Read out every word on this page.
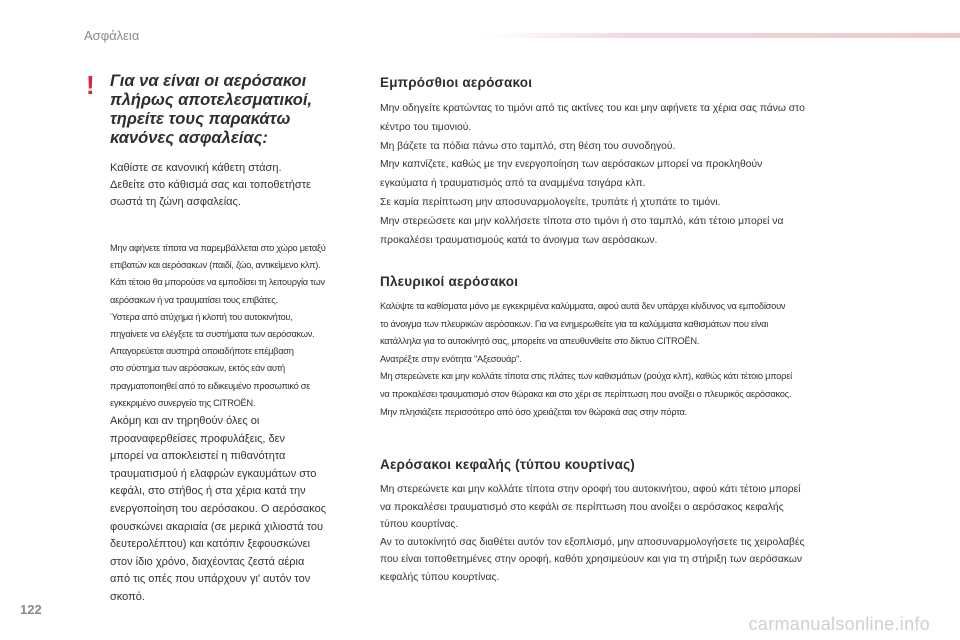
Ασφάλεια
! Για να είναι οι αερόσακοι
πλήρως αποτελεσματικοί,
τηρείτε τους παρακάτω
κανόνες ασφαλείας:
Καθίστε σε κανονική κάθετη στάση.
Δεθείτε στο κάθισμά σας και τοποθετήστε
σωστά τη ζώνη ασφαλείας.
Μην αφήνετε τίποτα να παρεμβάλλεται στο χώρο μεταξύ
επιβατών και αερόσακων (παιδί, ζώο, αντικείμενο κλπ).
Κάτι τέτοιο θα μπορούσε να εμποδίσει τη λειτουργία των
αερόσακων ή να τραυματίσει τους επιβάτες.
Ύστερα από ατύχημα ή κλοπή του αυτοκινήτου,
πηγαίνετε να ελέγξετε τα συστήματα των αερόσακων.
Απαγορεύεται αυστηρά οποιαδήποτε επέμβαση
στο σύστημα των αερόσακων, εκτός εάν αυτή
πραγματοποιηθεί από το ειδικευμένο προσωπικό σε
εγκεκριμένο συνεργείο της CITROËN.
Ακόμη και αν τηρηθούν όλες οι
προαναφερθείσες προφυλάξεις, δεν
μπορεί να αποκλειστεί η πιθανότητα
τραυματισμού ή ελαφρών εγκαυμάτων στο
κεφάλι, στο στήθος ή στα χέρια κατά την
ενεργοποίηση του αερόσακου. Ο αερόσακος
φουσκώνει ακαριαία (σε μερικά χιλιοστά του
δευτερολέπτου) και κατόπιν ξεφουσκώνει
στον ίδιο χρόνο, διαχέοντας ζεστά αέρια
από τις οπές που υπάρχουν γι' αυτόν τον
σκοπό.
Εμπρόσθιοι αερόσακοι
Μην οδηγείτε κρατώντας το τιμόνι από τις ακτίνες του και μην αφήνετε τα χέρια σας πάνω στο
κέντρο του τιμονιού.
Μη βάζετε τα πόδια πάνω στο ταμπλό, στη θέση του συνοδηγού.
Μην καπνίζετε, καθώς με την ενεργοποίηση των αερόσακων μπορεί να προκληθούν
εγκαύματα ή τραυματισμός από τα αναμμένα τσιγάρα κλπ.
Σε καμία περίπτωση μην αποσυναρμολογείτε, τρυπάτε ή χτυπάτε το τιμόνι.
Μην στερεώσετε και μην κολλήσετε τίποτα στο τιμόνι ή στο ταμπλό, κάτι τέτοιο μπορεί να
προκαλέσει τραυματισμούς κατά το άνοιγμα των αερόσακων.
Πλευρικοί αερόσακοι
Καλύψτε τα καθίσματα μόνο με εγκεκριμένα καλύμματα, αφού αυτά δεν υπάρχει κίνδυνος να εμποδίσουν
το άνοιγμα των πλευρικών αερόσακων. Για να ενημερωθείτε για τα καλύμματα καθισμάτων που είναι
κατάλληλα για το αυτοκίνητό σας, μπορείτε να απευθυνθείτε στο δίκτυο CITROËN.
Ανατρέξτε στην ενότητα "Αξεσουάρ".
Μη στερεώνετε και μην κολλάτε τίποτα στις πλάτες των καθισμάτων (ρούχα κλπ), καθώς κάτι τέτοιο μπορεί
να προκαλέσει τραυματισμό στον θώρακα και στο χέρι σε περίπτωση που ανοίξει ο πλευρικός αερόσακος.
Μην πλησιάζετε περισσότερο από όσο χρειάζεται τον θώρακά σας στην πόρτα.
Αερόσακοι κεφαλής (τύπου κουρτίνας)
Μη στερεώνετε και μην κολλάτε τίποτα στην οροφή του αυτοκινήτου, αφού κάτι τέτοιο μπορεί
να προκαλέσει τραυματισμό στο κεφάλι σε περίπτωση που ανοίξει ο αερόσακος κεφαλής
τύπου κουρτίνας.
Αν το αυτοκίνητό σας διαθέτει αυτόν τον εξοπλισμό, μην αποσυναρμολογήσετε τις χειρολαβές
που είναι τοποθετημένες στην οροφή, καθότι χρησιμεύουν και για τη στήριξη των αερόσακων
κεφαλής τύπου κουρτίνας.
122
carmanualsonline.info
